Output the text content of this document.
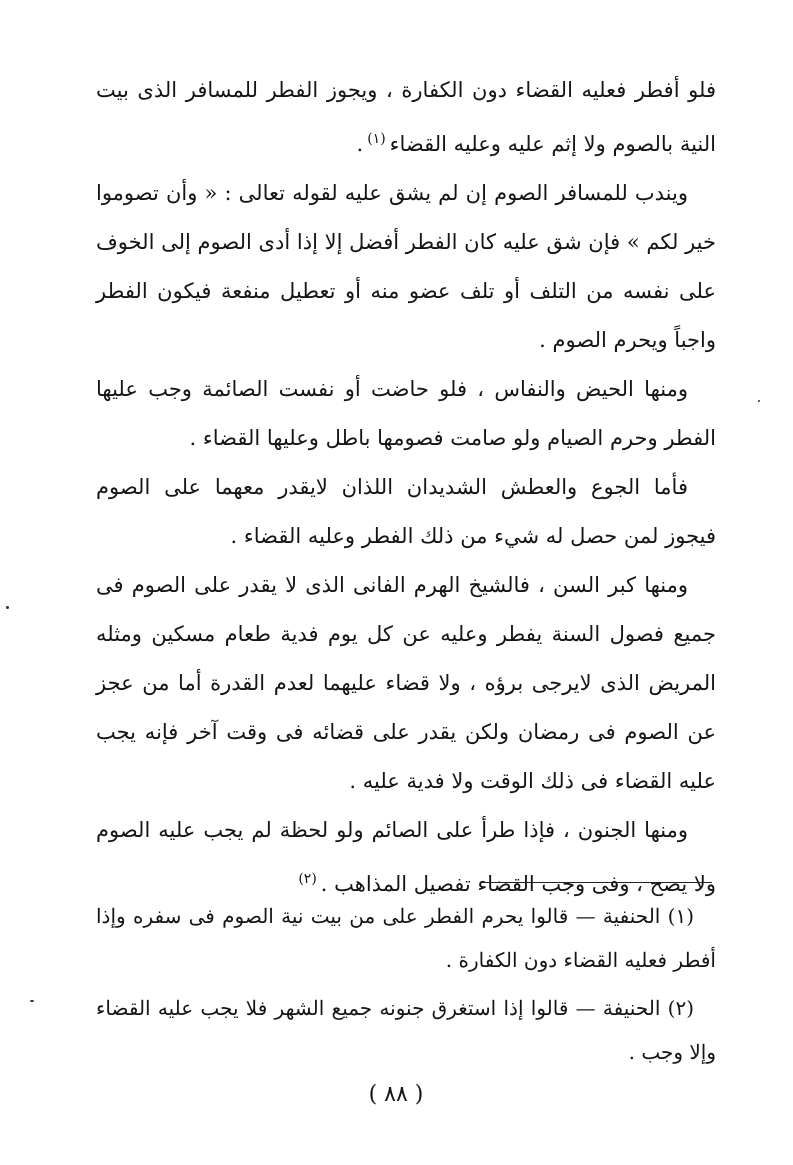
فلو أفطر فعليه القضاء دون الكفارة ، ويجوز الفطر للمسافر الذى بيت النية بالصوم ولا إثم عليه وعليه القضاء$^{(١)}$.

ويندب للمسافر الصوم إن لم يشق عليه لقوله تعالى : « وأن تصوموا خير لكم » فإن شق عليه كان الفطر أفضل إلا إذا أدى الصوم إلى الخوف على نفسه من التلف أو تلف عضو منه أو تعطيل منفعة فيكون الفطر واجباً ويحرم الصوم .

ومنها الحيض والنفاس ، فلو حاضت أو نفست الصائمة وجب عليها الفطر وحرم الصيام ولو صامت فصومها باطل وعليها القضاء .

فأما الجوع والعطش الشديدان اللذان لايقدر معهما على الصوم فيجوز لمن حصل له شيء من ذلك الفطر وعليه القضاء .

ومنها كبر السن ، فالشيخ الهرم الفانى الذى لا يقدر على الصوم فى جميع فصول السنة يفطر وعليه عن كل يوم فدية طعام مسكين ومثله المريض الذى لايرجى برؤه ، ولا قضاء عليهما لعدم القدرة أما من عجز عن الصوم فى رمضان ولكن يقدر على قضائه فى وقت آخر فإنه يجب عليه القضاء فى ذلك الوقت ولا فدية عليه .

ومنها الجنون ، فإذا طرأ على الصائم ولو لحظة لم يجب عليه الصوم ولا يصح ، وفى وجب القضاء تفصيل المذاهب .$^{(٢)}$

(١) الحنفية — قالوا يحرم الفطر على من بيت نية الصوم فى سفره وإذا أفطر فعليه القضاء دون الكفارة .

(٢) الحنيفة — قالوا إذا استغرق جنونه جميع الشهر فلا يجب عليه القضاء وإلا وجب .

( ٨٨ )
